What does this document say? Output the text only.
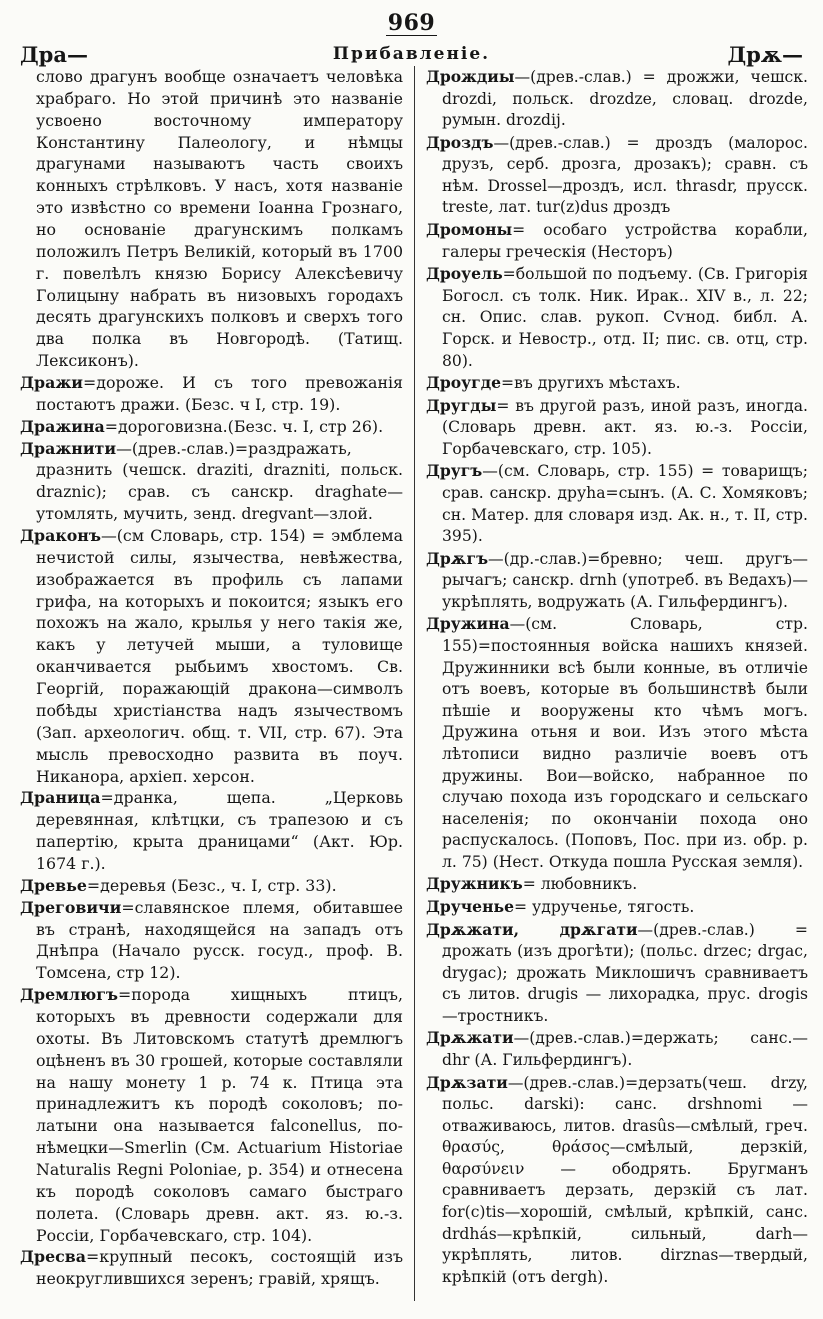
969
Дра—	Прибавленіе.	Дрѫ—

слово драгунъ вообще означаетъ человѣка храбраго. Но этой причинѣ это названіе усвоено восточному императору Константину Палеологу, и нѣмцы драгунами называютъ часть своихъ конныхъ стрѣлковъ. У насъ, хотя названіе это извѣстно со времени Іоанна Грознаго, но основаніе драгунскимъ полкамъ положилъ Петръ Великій, который въ 1700 г. повелѣлъ князю Борису Алексѣевичу Голицыну набрать въ низовыхъ городахъ десять драгунскихъ полковъ и сверхъ того два полка въ Новгородѣ. (Татищ. Лексиконъ).

Дражи=дороже. И съ того превожанія постаютъ дражи. (Безс. ч I, стр. 19).

Дражина=дороговизна.(Безс. ч. I, стр 26).

Дражнити—(древ.-слав.)=раздражать, дразнить (чешск. draziti, drazniti, польск. draznic); срав. съ санскр. draghate—утомлять, мучить, зенд. dregvant—злой.

Драконъ—(см Словарь, стр. 154) = эмблема нечистой силы, язычества, невѣжества, изображается въ профиль съ лапами грифа, на которыхъ и покоится; языкъ его похожъ на жало, крылья у него такія же, какъ у летучей мыши, а туловище оканчивается рыбьимъ хвостомъ. Св. Георгій, поражающій дракона—символъ побѣды христіанства надъ язычествомъ (Зап. археологич. общ. т. VII, стр. 67). Эта мысль превосходно развита въ поуч. Никанора, архіеп. херсон.

Драница=дранка, щепа. „Церковь деревянная, клѣтцки, съ трапезою и съ папертію, крыта драницами“ (Акт. Юр. 1674 г.).

Древье=деревья (Безс., ч. I, стр. 33).

Дреговичи=славянское племя, обитавшее въ странѣ, находящейся на западъ отъ Днѣпра (Начало русск. госуд., проф. В. Томсена, стр 12).

Дремлюгъ=порода хищныхъ птицъ, которыхъ въ древности содержали для охоты. Въ Литовскомъ статутѣ дремлюгъ оцѣненъ въ 30 грошей, которые составляли на нашу монету 1 р. 74 к. Птица эта принадлежитъ къ породѣ соколовъ; по-латыни она называется falconellus, по-нѣмецки—Smerlin (См. Actuarium Historiae Naturalis Regni Poloniae, р. 354) и отнесена къ породѣ соколовъ самаго быстраго полета. (Словарь древн. акт. яз. ю.-з. Россіи, Горбачевскаго, стр. 104).

Дресва=крупный песокъ, состоящій изъ неокруглившихся зеренъ; гравій, хрящъ.

Дрождиы—(древ.-слав.) = дрожжи, чешск. drozdi, польск. drozdze, словац. drozde, румын. drozdij.

Дроздъ—(древ.-слав.) = дроздъ (малорос. друзъ, серб. дрозга, дрозакъ); сравн. съ нѣм. Drossel—дроздъ, исл. thrasdr, прусск. treste, лат. tur(z)dus дроздъ

Дромоны= особаго устройства корабли, галеры греческія (Несторъ)

Дроуель=большой по подъему. (Св. Григорія Богосл. съ толк. Ник. Ирак.. XIV в., л. 22; сн. Опис. слав. рукоп. Сѵнод. библ. А. Горск. и Невостр., отд. II; пис. св. отц, стр. 80).

Дроугде=въ другихъ мѣстахъ.

Другды= въ другой разъ, иной разъ, иногда. (Словарь древн. акт. яз. ю.-з. Россіи, Горбачевскаго, стр. 105).

Другъ—(см. Словарь, стр. 155) = товарищъ; срав. санскр. друha=сынъ. (А. С. Хомяковъ; сн. Матер. для словаря изд. Ак. н., т. II, стр. 395).

Дрѫгъ—(др.-слав.)=бревно; чеш. другъ—рычагъ; санскр. drnh (употреб. въ Ведахъ)—укрѣплять, водружать (А. Гильфердингъ).

Дружина—(см. Словарь, стр. 155)=постоянныя войска нашихъ князей. Дружинники всѣ были конные, въ отличіе отъ воевъ, которые въ большинствѣ были пѣшіе и вооружены кто чѣмъ могъ. Дружина отьня и вои. Изъ этого мѣста лѣтописи видно различіе воевъ отъ дружины. Вои—войско, набранное по случаю похода изъ городскаго и сельскаго населенія; по окончаніи похода оно распускалось. (Поповъ, Пос. при из. обр. р. л. 75) (Нест. Откуда пошла Русская земля).

Дружникъ= любовникъ.

Друченье= удрученье, тягость.

Дрѫжати, дрѫгати—(древ.-слав.) = дрожать (изъ дрогѣти); (польс. drzec; drgac, drygac); дрожать Миклошичъ сравниваетъ съ литов. drugis — лихорадка, прус. drogis—тростникъ.

Дрѫжати—(древ.-слав.)=держать; санс.—dhr (А. Гильфердингъ).

Дрѫзати—(древ.-слав.)=дерзать(чеш. drzy, польс. darski): санс. drshnomi — отваживаюсь, литов. drasûs—смѣлый, греч. θρασύς, θράσος—смѣлый, дерзкій, θαρσύνειν — ободрять. Бругманъ сравниваетъ дерзать, дерзкій съ лат. for(c)tis—хорошій, смѣлый, крѣпкій, санс. drdhás—крѣпкій, сильный, darh—укрѣплять, литов. dirznas—твердый, крѣпкій (отъ dergh).
